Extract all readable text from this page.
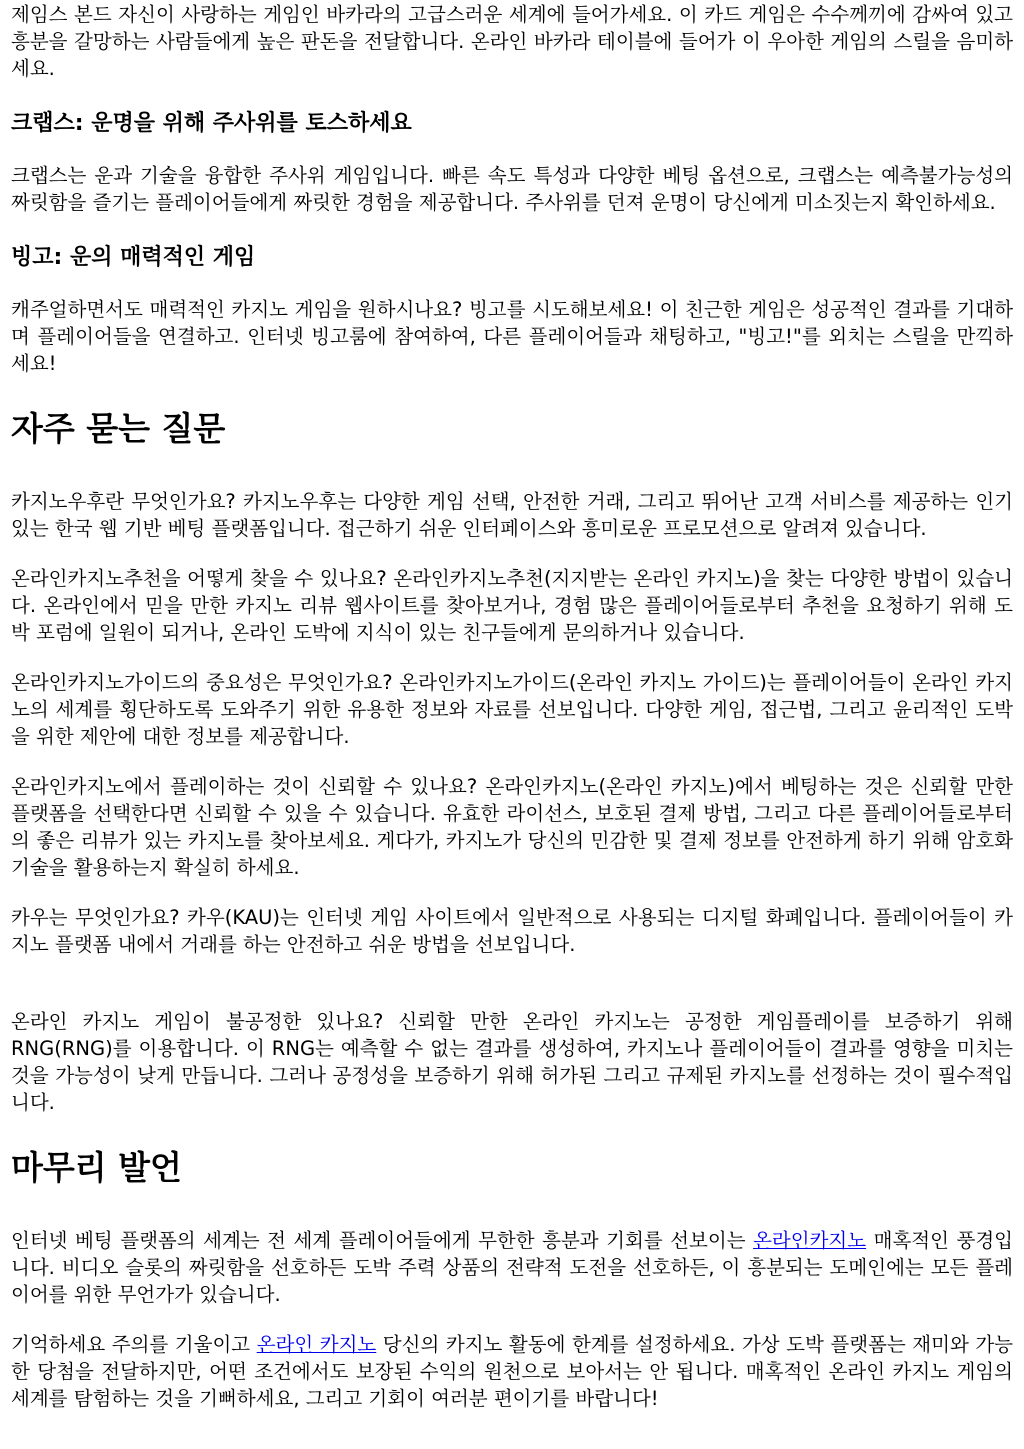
제임스 본드 자신이 사랑하는 게임인 바카라의 고급스러운 세계에 들어가세요. 이 카드 게임은 수수께끼에 감싸여 있고 흥분을 갈망하는 사람들에게 높은 판돈을 전달합니다. 온라인 바카라 테이블에 들어가 이 우아한 게임의 스릴을 음미하세요.

크랩스: 운명을 위해 주사위를 토스하세요

크랩스는 운과 기술을 융합한 주사위 게임입니다. 빠른 속도 특성과 다양한 베팅 옵션으로, 크랩스는 예측불가능성의 짜릿함을 즐기는 플레이어들에게 짜릿한 경험을 제공합니다. 주사위를 던져 운명이 당신에게 미소짓는지 확인하세요.

빙고: 운의 매력적인 게임

캐주얼하면서도 매력적인 카지노 게임을 원하시나요? 빙고를 시도해보세요! 이 친근한 게임은 성공적인 결과를 기대하며 플레이어들을 연결하고. 인터넷 빙고룸에 참여하여, 다른 플레이어들과 채팅하고, "빙고!"를 외치는 스릴을 만끽하세요!

자주 묻는 질문

카지노우후란 무엇인가요? 카지노우후는 다양한 게임 선택, 안전한 거래, 그리고 뛰어난 고객 서비스를 제공하는 인기 있는 한국 웹 기반 베팅 플랫폼입니다. 접근하기 쉬운 인터페이스와 흥미로운 프로모션으로 알려져 있습니다.

온라인카지노추천을 어떻게 찾을 수 있나요? 온라인카지노추천(지지받는 온라인 카지노)을 찾는 다양한 방법이 있습니다. 온라인에서 믿을 만한 카지노 리뷰 웹사이트를 찾아보거나, 경험 많은 플레이어들로부터 추천을 요청하기 위해 도박 포럼에 일원이 되거나, 온라인 도박에 지식이 있는 친구들에게 문의하거나 있습니다.

온라인카지노가이드의 중요성은 무엇인가요? 온라인카지노가이드(온라인 카지노 가이드)는 플레이어들이 온라인 카지노의 세계를 횡단하도록 도와주기 위한 유용한 정보와 자료를 선보입니다. 다양한 게임, 접근법, 그리고 윤리적인 도박을 위한 제안에 대한 정보를 제공합니다.

온라인카지노에서 플레이하는 것이 신뢰할 수 있나요? 온라인카지노(온라인 카지노)에서 베팅하는 것은 신뢰할 만한 플랫폼을 선택한다면 신뢰할 수 있을 수 있습니다. 유효한 라이선스, 보호된 결제 방법, 그리고 다른 플레이어들로부터의 좋은 리뷰가 있는 카지노를 찾아보세요. 게다가, 카지노가 당신의 민감한 및 결제 정보를 안전하게 하기 위해 암호화 기술을 활용하는지 확실히 하세요.

카우는 무엇인가요? 카우(KAU)는 인터넷 게임 사이트에서 일반적으로 사용되는 디지털 화폐입니다. 플레이어들이 카지노 플랫폼 내에서 거래를 하는 안전하고 쉬운 방법을 선보입니다.

온라인 카지노 게임이 불공정한 있나요? 신뢰할 만한 온라인 카지노는 공정한 게임플레이를 보증하기 위해 RNG(RNG)를 이용합니다. 이 RNG는 예측할 수 없는 결과를 생성하여, 카지노나 플레이어들이 결과를 영향을 미치는 것을 가능성이 낮게 만듭니다. 그러나 공정성을 보증하기 위해 허가된 그리고 규제된 카지노를 선정하는 것이 필수적입니다.

마무리 발언

인터넷 베팅 플랫폼의 세계는 전 세계 플레이어들에게 무한한 흥분과 기회를 선보이는 온라인카지노 매혹적인 풍경입니다. 비디오 슬롯의 짜릿함을 선호하든 도박 주력 상품의 전략적 도전을 선호하든, 이 흥분되는 도메인에는 모든 플레이어를 위한 무언가가 있습니다.

기억하세요 주의를 기울이고 온라인 카지노 당신의 카지노 활동에 한계를 설정하세요. 가상 도박 플랫폼는 재미와 가능한 당첨을 전달하지만, 어떤 조건에서도 보장된 수익의 원천으로 보아서는 안 됩니다. 매혹적인 온라인 카지노 게임의 세계를 탐험하는 것을 기뻐하세요, 그리고 기회이 여러분 편이기를 바랍니다!
